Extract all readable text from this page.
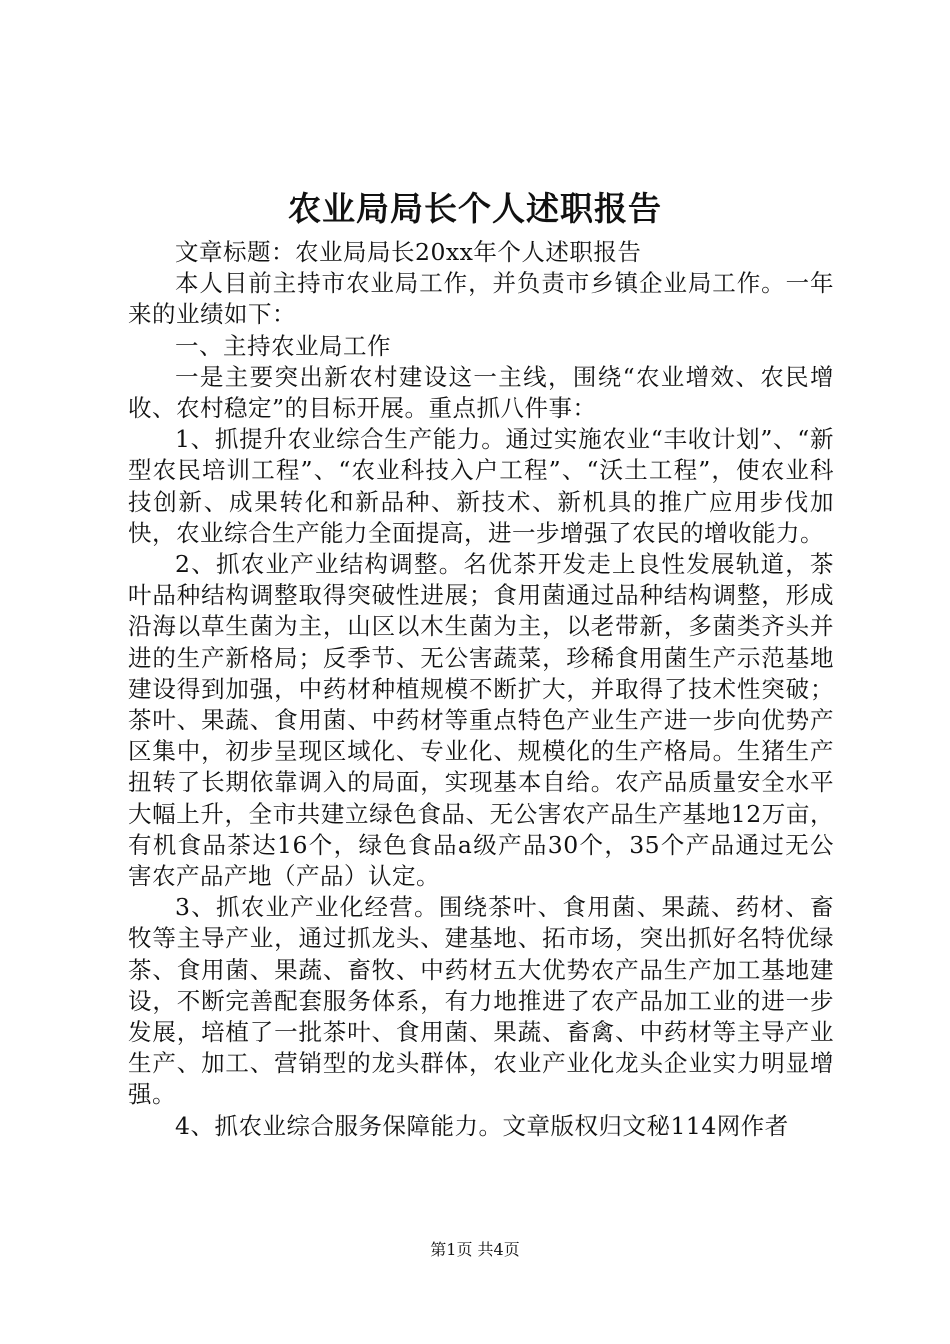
农业局局长个人述职报告

文章标题：农业局局长20xx年个人述职报告

本人目前主持市农业局工作，并负责市乡镇企业局工作。一年来的业绩如下：

一、主持农业局工作

一是主要突出新农村建设这一主线，围绕“农业增效、农民增收、农村稳定”的目标开展。重点抓八件事：

1、抓提升农业综合生产能力。通过实施农业“丰收计划”、“新型农民培训工程”、“农业科技入户工程”、“沃土工程”，使农业科技创新、成果转化和新品种、新技术、新机具的推广应用步伐加快，农业综合生产能力全面提高，进一步增强了农民的增收能力。

2、抓农业产业结构调整。名优茶开发走上良性发展轨道，茶叶品种结构调整取得突破性进展；食用菌通过品种结构调整，形成沿海以草生菌为主，山区以木生菌为主，以老带新，多菌类齐头并进的生产新格局；反季节、无公害蔬菜，珍稀食用菌生产示范基地建设得到加强，中药材种植规模不断扩大，并取得了技术性突破；茶叶、果蔬、食用菌、中药材等重点特色产业生产进一步向优势产区集中，初步呈现区域化、专业化、规模化的生产格局。生猪生产扭转了长期依靠调入的局面，实现基本自给。农产品质量安全水平大幅上升，全市共建立绿色食品、无公害农产品生产基地12万亩，有机食品茶达16个，绿色食品a级产品30个，35个产品通过无公害农产品产地（产品）认定。

3、抓农业产业化经营。围绕茶叶、食用菌、果蔬、药材、畜牧等主导产业，通过抓龙头、建基地、拓市场，突出抓好名特优绿茶、食用菌、果蔬、畜牧、中药材五大优势农产品生产加工基地建设，不断完善配套服务体系，有力地推进了农产品加工业的进一步发展，培植了一批茶叶、食用菌、果蔬、畜禽、中药材等主导产业生产、加工、营销型的龙头群体，农业产业化龙头企业实力明显增强。

4、抓农业综合服务保障能力。文章版权归文秘114网作者

第1页 共4页
